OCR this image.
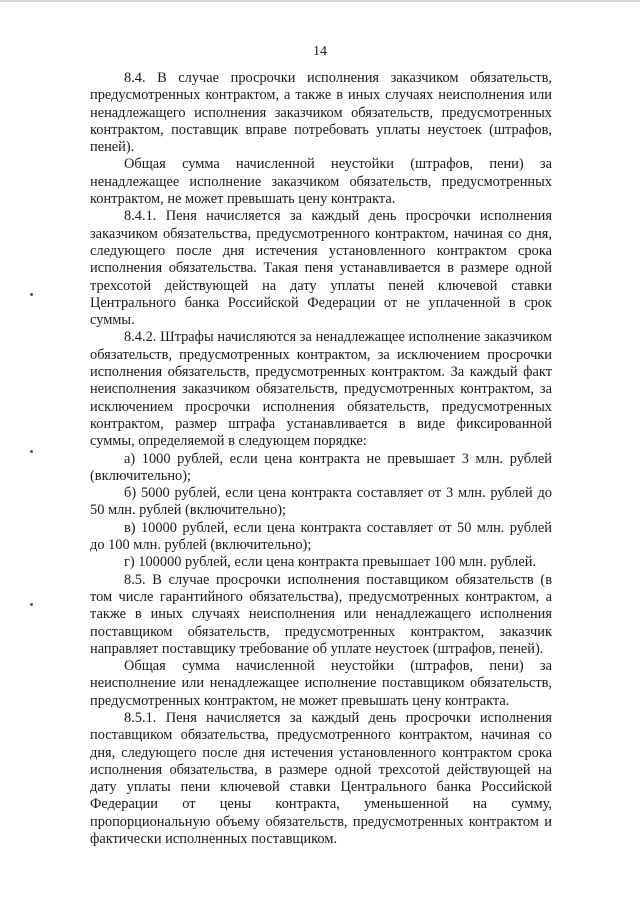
14

8.4. В случае просрочки исполнения заказчиком обязательств, предусмотренных контрактом, а также в иных случаях неисполнения или ненадлежащего исполнения заказчиком обязательств, предусмотренных контрактом, поставщик вправе потребовать уплаты неустоек (штрафов, пеней).

Общая сумма начисленной неустойки (штрафов, пени) за ненадлежащее исполнение заказчиком обязательств, предусмотренных контрактом, не может превышать цену контракта.

8.4.1. Пеня начисляется за каждый день просрочки исполнения заказчиком обязательства, предусмотренного контрактом, начиная со дня, следующего после дня истечения установленного контрактом срока исполнения обязательства. Такая пеня устанавливается в размере одной трехсотой действующей на дату уплаты пеней ключевой ставки Центрального банка Российской Федерации от не уплаченной в срок суммы.

8.4.2. Штрафы начисляются за ненадлежащее исполнение заказчиком обязательств, предусмотренных контрактом, за исключением просрочки исполнения обязательств, предусмотренных контрактом. За каждый факт неисполнения заказчиком обязательств, предусмотренных контрактом, за исключением просрочки исполнения обязательств, предусмотренных контрактом, размер штрафа устанавливается в виде фиксированной суммы, определяемой в следующем порядке:

а) 1000 рублей, если цена контракта не превышает 3 млн. рублей (включительно);

б) 5000 рублей, если цена контракта составляет от 3 млн. рублей до 50 млн. рублей (включительно);

в) 10000 рублей, если цена контракта составляет от 50 млн. рублей до 100 млн. рублей (включительно);

г) 100000 рублей, если цена контракта превышает 100 млн. рублей.

8.5. В случае просрочки исполнения поставщиком обязательств (в том числе гарантийного обязательства), предусмотренных контрактом, а также в иных случаях неисполнения или ненадлежащего исполнения поставщиком обязательств, предусмотренных контрактом, заказчик направляет поставщику требование об уплате неустоек (штрафов, пеней).

Общая сумма начисленной неустойки (штрафов, пени) за неисполнение или ненадлежащее исполнение поставщиком обязательств, предусмотренных контрактом, не может превышать цену контракта.

8.5.1. Пеня начисляется за каждый день просрочки исполнения поставщиком обязательства, предусмотренного контрактом, начиная со дня, следующего после дня истечения установленного контрактом срока исполнения обязательства, в размере одной трехсотой действующей на дату уплаты пени ключевой ставки Центрального банка Российской Федерации от цены контракта, уменьшенной на сумму, пропорциональную объему обязательств, предусмотренных контрактом и фактически исполненных поставщиком.
